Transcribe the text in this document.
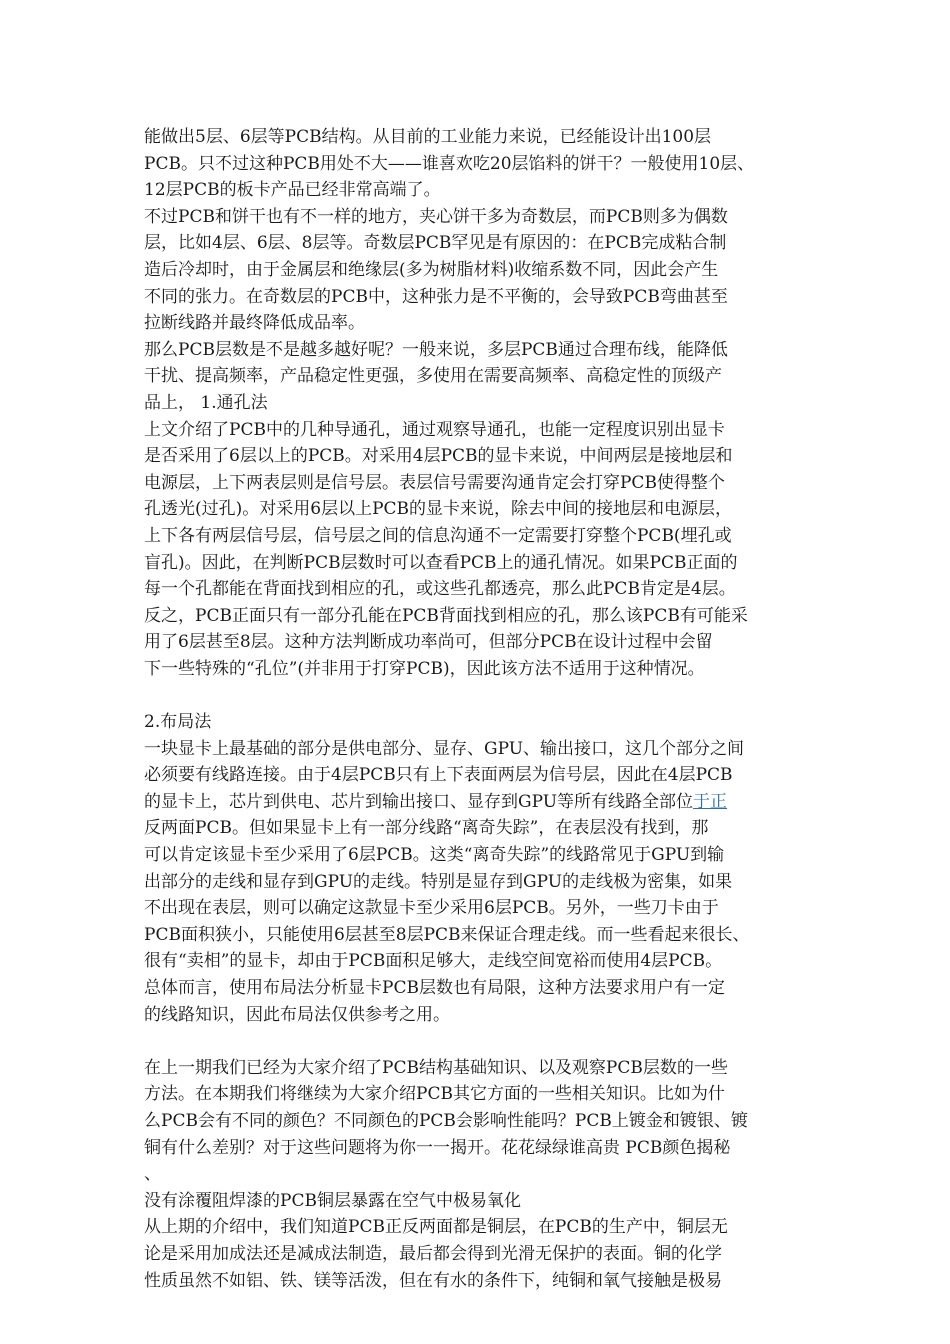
能做出5层、6层等PCB结构。从目前的工业能力来说，已经能设计出100层
PCB。只不过这种PCB用处不大——谁喜欢吃20层馅料的饼干？一般使用10层、
12层PCB的板卡产品已经非常高端了。
不过PCB和饼干也有不一样的地方，夹心饼干多为奇数层，而PCB则多为偶数
层，比如4层、6层、8层等。奇数层PCB罕见是有原因的：在PCB完成粘合制
造后冷却时，由于金属层和绝缘层(多为树脂材料)收缩系数不同，因此会产生
不同的张力。在奇数层的PCB中，这种张力是不平衡的，会导致PCB弯曲甚至
拉断线路并最终降低成品率。
那么PCB层数是不是越多越好呢？一般来说，多层PCB通过合理布线，能降低
干扰、提高频率，产品稳定性更强，多使用在需要高频率、高稳定性的顶级产
品上， 1.通孔法
上文介绍了PCB中的几种导通孔，通过观察导通孔，也能一定程度识别出显卡
是否采用了6层以上的PCB。对采用4层PCB的显卡来说，中间两层是接地层和
电源层，上下两表层则是信号层。表层信号需要沟通肯定会打穿PCB使得整个
孔透光(过孔)。对采用6层以上PCB的显卡来说，除去中间的接地层和电源层，
上下各有两层信号层，信号层之间的信息沟通不一定需要打穿整个PCB(埋孔或
盲孔)。因此，在判断PCB层数时可以查看PCB上的通孔情况。如果PCB正面的
每一个孔都能在背面找到相应的孔，或这些孔都透亮，那么此PCB肯定是4层。
反之，PCB正面只有一部分孔能在PCB背面找到相应的孔，那么该PCB有可能采
用了6层甚至8层。这种方法判断成功率尚可，但部分PCB在设计过程中会留
下一些特殊的“孔位”(并非用于打穿PCB)，因此该方法不适用于这种情况。
2.布局法
一块显卡上最基础的部分是供电部分、显存、GPU、输出接口，这几个部分之间
必须要有线路连接。由于4层PCB只有上下表面两层为信号层，因此在4层PCB
的显卡上，芯片到供电、芯片到输出接口、显存到GPU等所有线路全部位于正
反两面PCB。但如果显卡上有一部分线路“离奇失踪”，在表层没有找到，那
可以肯定该显卡至少采用了6层PCB。这类“离奇失踪”的线路常见于GPU到输
出部分的走线和显存到GPU的走线。特别是显存到GPU的走线极为密集，如果
不出现在表层，则可以确定这款显卡至少采用6层PCB。另外，一些刀卡由于
PCB面积狭小，只能使用6层甚至8层PCB来保证合理走线。而一些看起来很长、
很有“卖相”的显卡，却由于PCB面积足够大，走线空间宽裕而使用4层PCB。
总体而言，使用布局法分析显卡PCB层数也有局限，这种方法要求用户有一定
的线路知识，因此布局法仅供参考之用。
在上一期我们已经为大家介绍了PCB结构基础知识、以及观察PCB层数的一些
方法。在本期我们将继续为大家介绍PCB其它方面的一些相关知识。比如为什
么PCB会有不同的颜色？不同颜色的PCB会影响性能吗？PCB上镀金和镀银、镀
铜有什么差别？对于这些问题将为你一一揭开。花花绿绿谁高贵 PCB颜色揭秘
、
没有涂覆阻焊漆的PCB铜层暴露在空气中极易氧化
从上期的介绍中，我们知道PCB正反两面都是铜层，在PCB的生产中，铜层无
论是采用加成法还是减成法制造，最后都会得到光滑无保护的表面。铜的化学
性质虽然不如铝、铁、镁等活泼，但在有水的条件下，纯铜和氧气接触是极易
